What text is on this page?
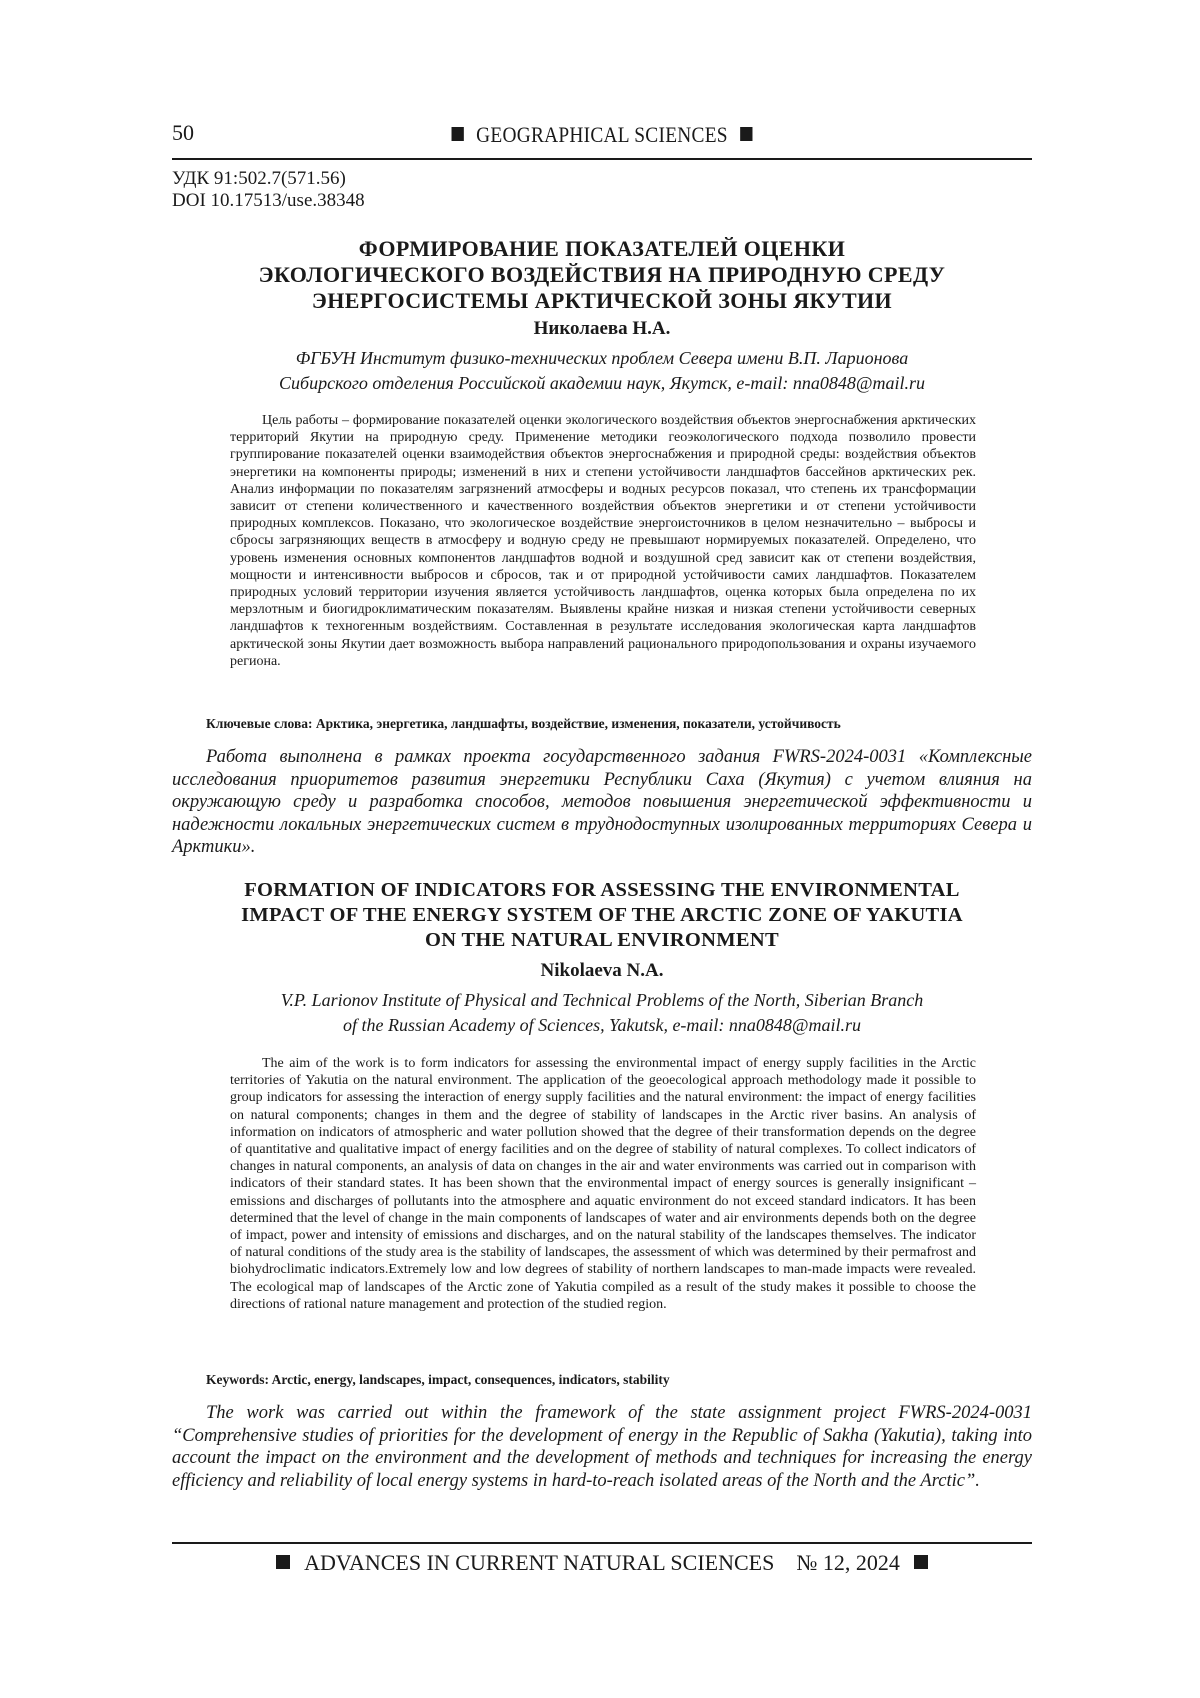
50	GEOGRAPHICAL SCIENCES
УДК 91:502.7(571.56)
DOI 10.17513/use.38348
ФОРМИРОВАНИЕ ПОКАЗАТЕЛЕЙ ОЦЕНКИ
ЭКОЛОГИЧЕСКОГО ВОЗДЕЙСТВИЯ НА ПРИРОДНУЮ СРЕДУ
ЭНЕРГОСИСТЕМЫ АРКТИЧЕСКОЙ ЗОНЫ ЯКУТИИ
Николаева Н.А.
ФГБУН Институт физико-технических проблем Севера имени В.П. Ларионова
Сибирского отделения Российской академии наук, Якутск, e-mail: nna0848@mail.ru

Цель работы – формирование показателей оценки экологического воздействия объектов энергоснабжения арктических территорий Якутии на природную среду. Применение методики геоэкологического подхода позволило провести группирование показателей оценки взаимодействия объектов энергоснабжения и природной среды: воздействия объектов энергетики на компоненты природы; изменений в них и степени устойчивости ландшафтов бассейнов арктических рек. Анализ информации по показателям загрязнений атмосферы и водных ресурсов показал, что степень их трансформации зависит от степени количественного и качественного воздействия объектов энергетики и от степени устойчивости природных комплексов. Показано, что экологическое воздействие энергоисточников в целом незначительно – выбросы и сбросы загрязняющих веществ в атмосферу и водную среду не превышают нормируемых показателей. Определено, что уровень изменения основных компонентов ландшафтов водной и воздушной сред зависит как от степени воздействия, мощности и интенсивности выбросов и сбросов, так и от природной устойчивости самих ландшафтов. Показателем природных условий территории изучения является устойчивость ландшафтов, оценка которых была определена по их мерзлотным и биогидроклиматическим показателям. Выявлены крайне низкая и низкая степени устойчивости северных ландшафтов к техногенным воздействиям. Составленная в результате исследования экологическая карта ландшафтов арктической зоны Якутии дает возможность выбора направлений рационального природопользования и охраны изучаемого региона.

Ключевые слова: Арктика, энергетика, ландшафты, воздействие, изменения, показатели, устойчивость

Работа выполнена в рамках проекта государственного задания FWRS-2024-0031 «Комплексные исследования приоритетов развития энергетики Республики Саха (Якутия) с учетом влияния на окружающую среду и разработка способов, методов повышения энергетической эффективности и надежности локальных энергетических систем в труднодоступных изолированных территориях Севера и Арктики».

FORMATION OF INDICATORS FOR ASSESSING THE ENVIRONMENTAL
IMPACT OF THE ENERGY SYSTEM OF THE ARCTIC ZONE OF YAKUTIA
ON THE NATURAL ENVIRONMENT
Nikolaeva N.A.
V.P. Larionov Institute of Physical and Technical Problems of the North, Siberian Branch
of the Russian Academy of Sciences, Yakutsk, e-mail: nna0848@mail.ru

The aim of the work is to form indicators for assessing the environmental impact of energy supply facilities in the Arctic territories of Yakutia on the natural environment. The application of the geoecological approach methodology made it possible to group indicators for assessing the interaction of energy supply facilities and the natural environment: the impact of energy facilities on natural components; changes in them and the degree of stability of landscapes in the Arctic river basins. An analysis of information on indicators of atmospheric and water pollution showed that the degree of their transformation depends on the degree of quantitative and qualitative impact of energy facilities and on the degree of stability of natural complexes. To collect indicators of changes in natural components, an analysis of data on changes in the air and water environments was carried out in comparison with indicators of their standard states. It has been shown that the environmental impact of energy sources is generally insignificant – emissions and discharges of pollutants into the atmosphere and aquatic environment do not exceed standard indicators. It has been determined that the level of change in the main components of landscapes of water and air environments depends both on the degree of impact, power and intensity of emissions and discharges, and on the natural stability of the landscapes themselves. The indicator of natural conditions of the study area is the stability of landscapes, the assessment of which was determined by their permafrost and biohydroclimatic indicators.Extremely low and low degrees of stability of northern landscapes to man-made impacts were revealed. The ecological map of landscapes of the Arctic zone of Yakutia compiled as a result of the study makes it possible to choose the directions of rational nature management and protection of the studied region.

Keywords: Arctic, energy, landscapes, impact, consequences, indicators, stability

The work was carried out within the framework of the state assignment project FWRS-2024-0031 “Comprehensive studies of priorities for the development of energy in the Republic of Sakha (Yakutia), taking into account the impact on the environment and the development of methods and techniques for increasing the energy efficiency and reliability of local energy systems in hard-to-reach isolated areas of the North and the Arctic”.

ADVANCES IN CURRENT NATURAL SCIENCES № 12, 2024
